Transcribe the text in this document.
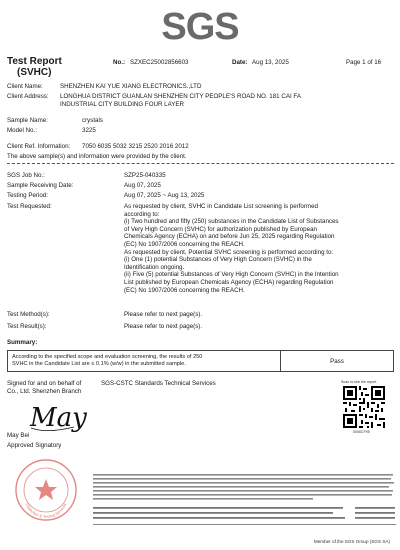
SGS
Test Report
(SVHC)
No.: SZXEC25002856603	Date: Aug 13, 2025	Page 1 of 16
Client Name:	SHENZHEN KAI YUE XIANG ELECTRONICS.,LTD
Client Address: LONGHUA DISTRICT GUANLAN SHENZHEN CITY PEOPLE'S ROAD NO. 181 CAI FA
INDUSTRIAL CITY BUILDING FOUR LAYER
Sample Name:	crystals
Model No.:	3225
Client Ref. Information: 7050 6035 5032 3215 2520 2016 2012
The above sample(s) and information were provided by the client.
SGS Job No.:	SZP25-040335
Sample Receiving Date:	Aug 07, 2025
Testing Period:	Aug 07, 2025 ~ Aug 13, 2025
Test Requested:	As requested by client, SVHC in Candidate List screening is performed
according to:
(i) Two hundred and fifty (250) substances in the Candidate List of Substances
of Very High Concern (SVHC) for authorization published by European
Chemicals Agency (ECHA) on and before Jun 25, 2025 regarding Regulation
(EC) No 1907/2006 concerning the REACH.
As requested by client, Potential SVHC screening is performed according to:
(i) One (1) potential Substances of Very High Concern (SVHC) in the
Identification ongoing.
(ii) Five (5) potential Substances of Very High Concern (SVHC) in the Intention
List published by European Chemicals Agency (ECHA) regarding Regulation
(EC) No 1907/2006 concerning the REACH.
Test Method(s):	Please refer to next page(s).
Test Result(s):	Please refer to next page(s).
Summary:
According to the specified scope and evaluation screening, the results of 250
SVHC in the Candidate List are ≤ 0.1% (w/w) in the submitted sample.	Pass
Signed for and on behalf of
Co., Ltd. Shenzhen Branch
SGS-CSTC Standards Technical Services
May
May Bei
Approved Signatory
Scan to see the report
0006CF95
Inspection & Testing Services
Member of the SGS Group (SGS SA)
